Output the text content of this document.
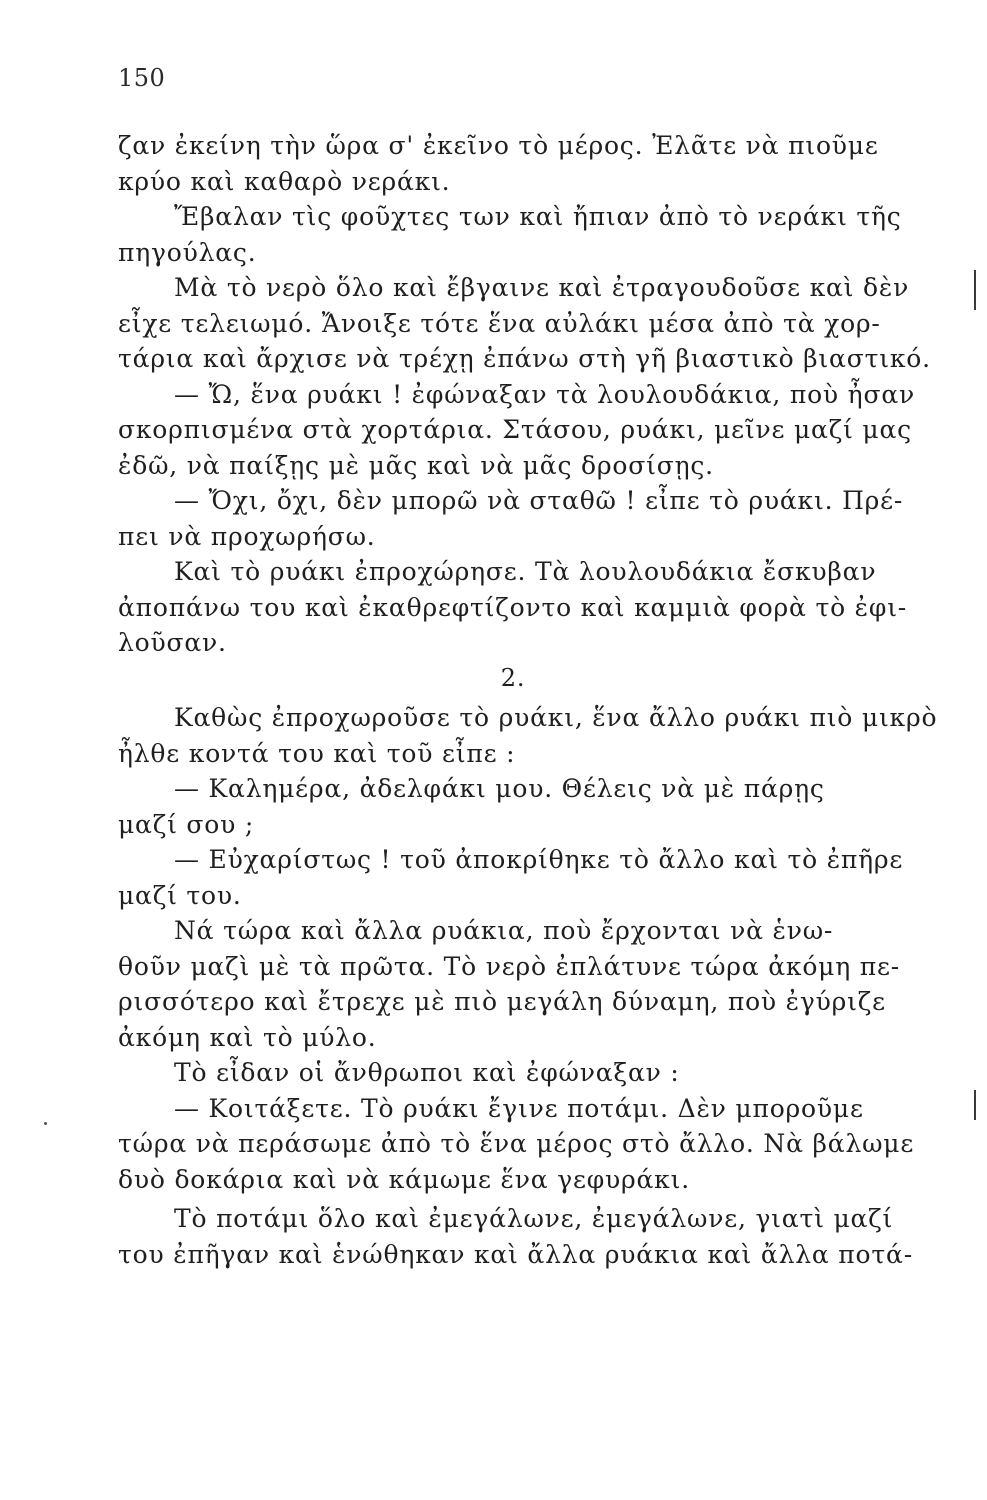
150
ζαν ἐκείνη τὴν ὥρα σ' ἐκεῖνο τὸ μέρος. Ἐλᾶτε νὰ πιοῦμε
κρύο καὶ καθαρὸ νεράκι.
Ἔβαλαν τὶς φοῦχτες των καὶ ἤπιαν ἀπὸ τὸ νεράκι τῆς
πηγούλας.
Μὰ τὸ νερὸ ὅλο καὶ ἔβγαινε καὶ ἐτραγουδοῦσε καὶ δὲν
εἶχε τελειωμό. Ἄνοιξε τότε ἕνα αὐλάκι μέσα ἀπὸ τὰ χορ-
τάρια καὶ ἄρχισε νὰ τρέχῃ ἐπάνω στὴ γῆ βιαστικὸ βιαστικό.
— Ὤ, ἕνα ρυάκι ! ἐφώναξαν τὰ λουλουδάκια, ποὺ ἦσαν
σκορπισμένα στὰ χορτάρια. Στάσου, ρυάκι, μεῖνε μαζί μας
ἐδῶ, νὰ παίξῃς μὲ μᾶς καὶ νὰ μᾶς δροσίσῃς.
— Ὄχι, ὄχι, δὲν μπορῶ νὰ σταθῶ ! εἶπε τὸ ρυάκι. Πρέ-
πει νὰ προχωρήσω.
Καὶ τὸ ρυάκι ἐπροχώρησε. Τὰ λουλουδάκια ἔσκυβαν
ἀποπάνω του καὶ ἐκαθρεφτίζοντο καὶ καμμιὰ φορὰ τὸ ἐφι-
λοῦσαν.
2.
Καθὼς ἐπροχωροῦσε τὸ ρυάκι, ἕνα ἄλλο ρυάκι πιὸ μικρὸ
ἦλθε κοντά του καὶ τοῦ εἶπε :
— Καλημέρα, ἀδελφάκι μου. Θέλεις νὰ μὲ πάρῃς
μαζί σου ;
— Εὐχαρίστως ! τοῦ ἀποκρίθηκε τὸ ἄλλο καὶ τὸ ἐπῆρε
μαζί του.
Νά τώρα καὶ ἄλλα ρυάκια, ποὺ ἔρχονται νὰ ἑνω-
θοῦν μαζὶ μὲ τὰ πρῶτα. Τὸ νερὸ ἐπλάτυνε τώρα ἀκόμη πε-
ρισσότερο καὶ ἔτρεχε μὲ πιὸ μεγάλη δύναμη, ποὺ ἐγύριζε
ἀκόμη καὶ τὸ μύλο.
Τὸ εἶδαν οἱ ἄνθρωποι καὶ ἐφώναξαν :
— Κοιτάξετε. Τὸ ρυάκι ἔγινε ποτάμι. Δὲν μποροῦμε
τώρα νὰ περάσωμε ἀπὸ τὸ ἕνα μέρος στὸ ἄλλο. Νὰ βάλωμε
δυὸ δοκάρια καὶ νὰ κάμωμε ἕνα γεφυράκι.
Τὸ ποτάμι ὅλο καὶ ἐμεγάλωνε, ἐμεγάλωνε, γιατὶ μαζί
του ἐπῆγαν καὶ ἑνώθηκαν καὶ ἄλλα ρυάκια καὶ ἄλλα ποτά-
